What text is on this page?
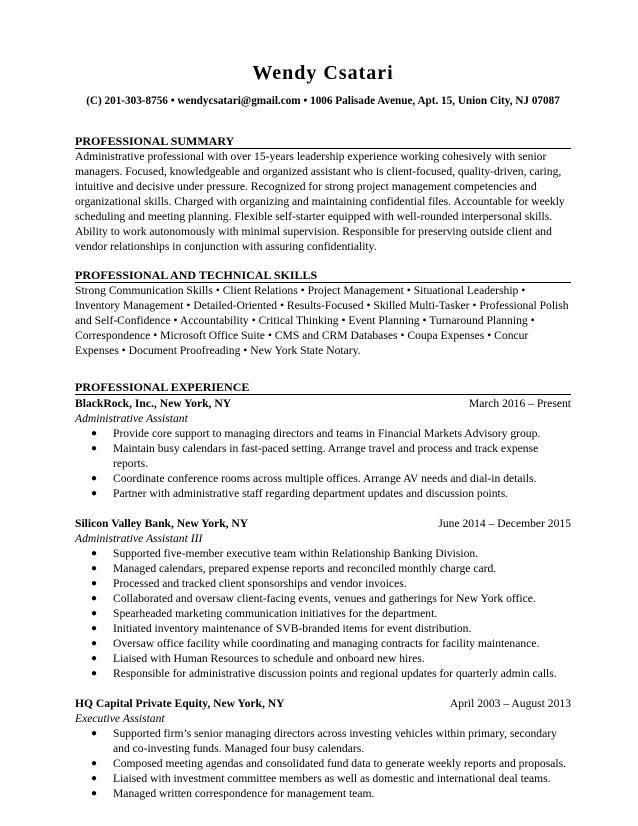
Wendy Csatari
(C) 201-303-8756 • wendycsatari@gmail.com • 1006 Palisade Avenue, Apt. 15, Union City, NJ 07087
PROFESSIONAL SUMMARY

Administrative professional with over 15-years leadership experience working cohesively with senior managers. Focused, knowledgeable and organized assistant who is client-focused, quality-driven, caring, intuitive and decisive under pressure. Recognized for strong project management competencies and organizational skills. Charged with organizing and maintaining confidential files. Accountable for weekly scheduling and meeting planning. Flexible self-starter equipped with well-rounded interpersonal skills. Ability to work autonomously with minimal supervision. Responsible for preserving outside client and vendor relationships in conjunction with assuring confidentiality.

PROFESSIONAL AND TECHNICAL SKILLS

Strong Communication Skills • Client Relations • Project Management • Situational Leadership • Inventory Management • Detailed-Oriented • Results-Focused • Skilled Multi-Tasker • Professional Polish and Self-Confidence • Accountability • Critical Thinking • Event Planning • Turnaround Planning • Correspondence • Microsoft Office Suite • CMS and CRM Databases • Coupa Expenses • Concur Expenses • Document Proofreading • New York State Notary.

PROFESSIONAL EXPERIENCE
BlackRock, Inc., New York, NY	March 2016 – Present
Administrative Assistant
● Provide core support to managing directors and teams in Financial Markets Advisory group.
● Maintain busy calendars in fast-paced setting. Arrange travel and process and track expense reports.
● Coordinate conference rooms across multiple offices. Arrange AV needs and dial-in details.
● Partner with administrative staff regarding department updates and discussion points.
Silicon Valley Bank, New York, NY	June 2014 – December 2015
Administrative Assistant III
● Supported five-member executive team within Relationship Banking Division.
● Managed calendars, prepared expense reports and reconciled monthly charge card.
● Processed and tracked client sponsorships and vendor invoices.
● Collaborated and oversaw client-facing events, venues and gatherings for New York office.
● Spearheaded marketing communication initiatives for the department.
● Initiated inventory maintenance of SVB-branded items for event distribution.
● Oversaw office facility while coordinating and managing contracts for facility maintenance.
● Liaised with Human Resources to schedule and onboard new hires.
● Responsible for administrative discussion points and regional updates for quarterly admin calls.
HQ Capital Private Equity, New York, NY	April 2003 – August 2013
Executive Assistant
● Supported firm’s senior managing directors across investing vehicles within primary, secondary and co-investing funds. Managed four busy calendars.
● Composed meeting agendas and consolidated fund data to generate weekly reports and proposals.
● Liaised with investment committee members as well as domestic and international deal teams.
● Managed written correspondence for management team.
